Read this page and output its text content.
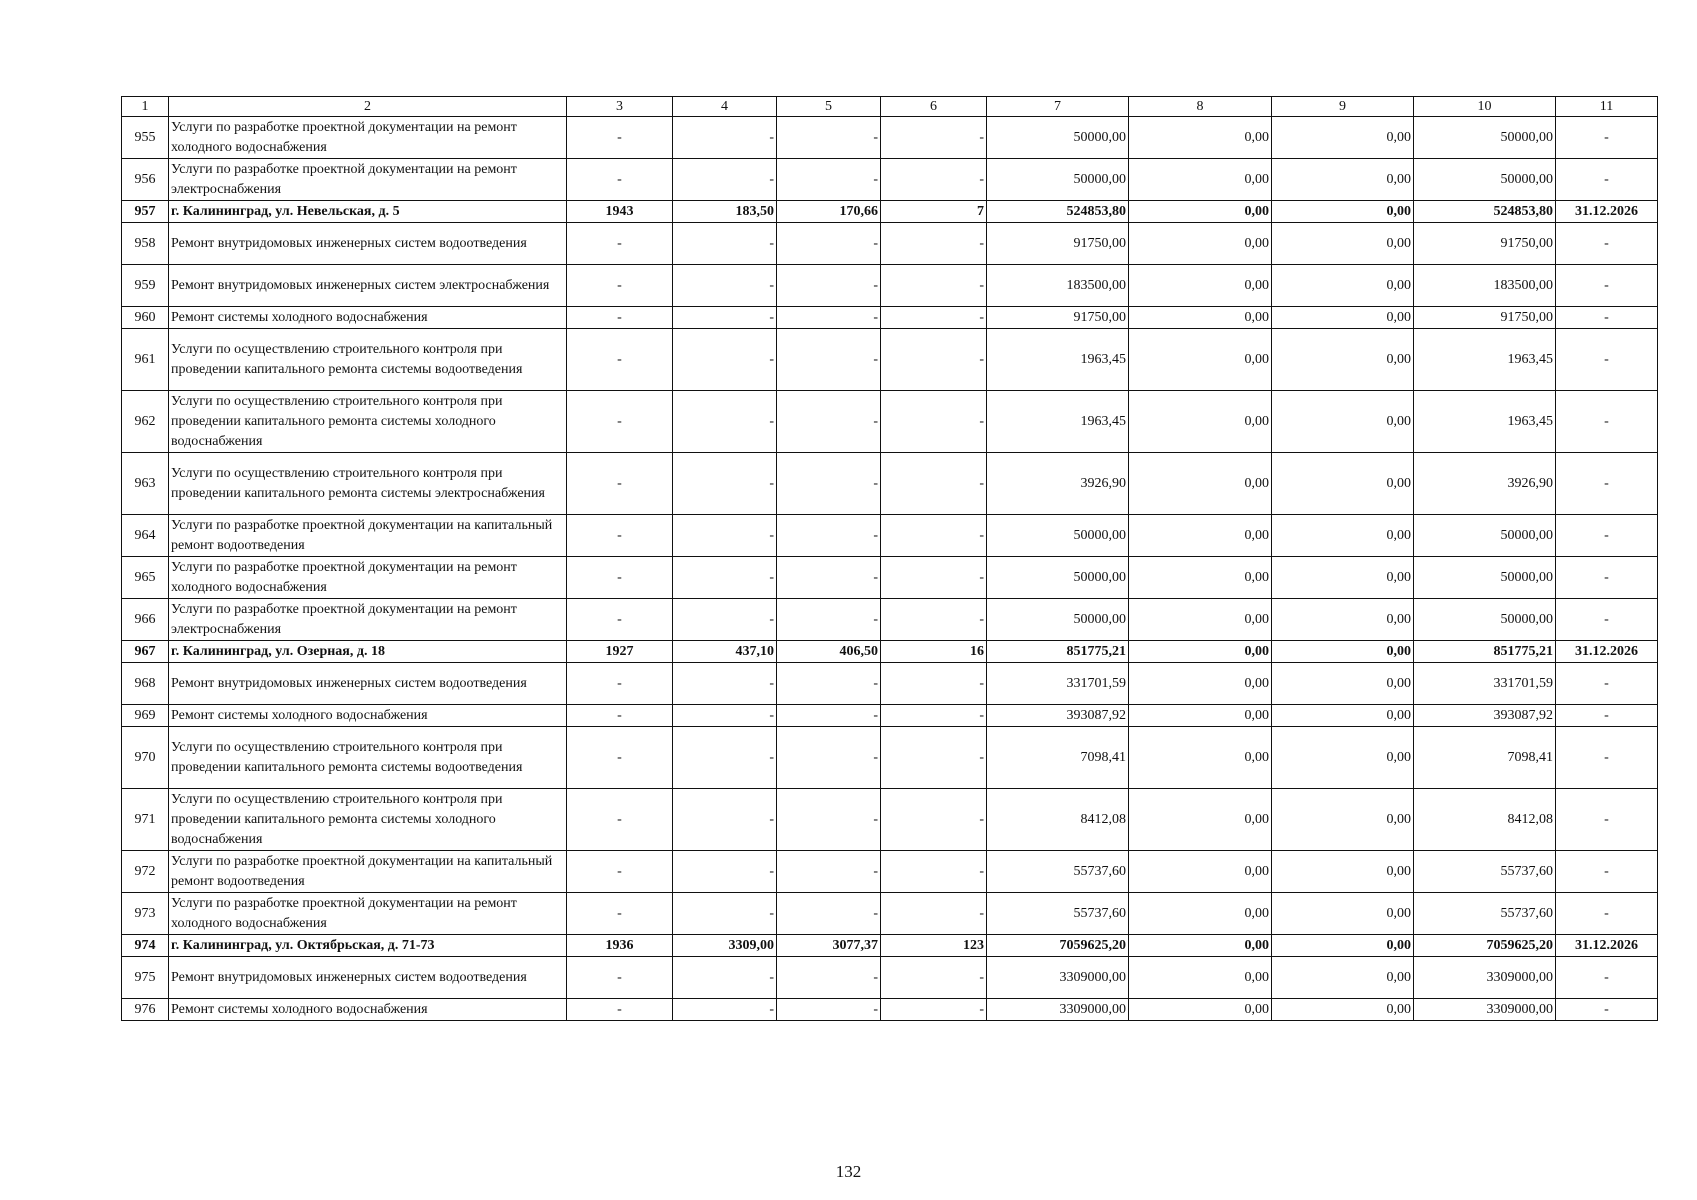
1	2	3	4	5	6	7	8	9	10	11
955	Услуги по разработке проектной документации на ремонт холодного водоснабжения	-	-	-	-	50000,00	0,00	0,00	50000,00	-
956	Услуги по разработке проектной документации на ремонт электроснабжения	-	-	-	-	50000,00	0,00	0,00	50000,00	-
957	г. Калининград, ул. Невельская, д. 5	1943	183,50	170,66	7	524853,80	0,00	0,00	524853,80	31.12.2026
958	Ремонт внутридомовых инженерных систем водоотведения	-	-	-	-	91750,00	0,00	0,00	91750,00	-
959	Ремонт внутридомовых инженерных систем электроснабжения	-	-	-	-	183500,00	0,00	0,00	183500,00	-
960	Ремонт системы холодного водоснабжения	-	-	-	-	91750,00	0,00	0,00	91750,00	-
961	Услуги по осуществлению строительного контроля при проведении капитального ремонта системы водоотведения	-	-	-	-	1963,45	0,00	0,00	1963,45	-
962	Услуги по осуществлению строительного контроля при проведении капитального ремонта системы холодного водоснабжения	-	-	-	-	1963,45	0,00	0,00	1963,45	-
963	Услуги по осуществлению строительного контроля при проведении капитального ремонта системы электроснабжения	-	-	-	-	3926,90	0,00	0,00	3926,90	-
964	Услуги по разработке проектной документации на капитальный ремонт водоотведения	-	-	-	-	50000,00	0,00	0,00	50000,00	-
965	Услуги по разработке проектной документации на ремонт холодного водоснабжения	-	-	-	-	50000,00	0,00	0,00	50000,00	-
966	Услуги по разработке проектной документации на ремонт электроснабжения	-	-	-	-	50000,00	0,00	0,00	50000,00	-
967	г. Калининград, ул. Озерная, д. 18	1927	437,10	406,50	16	851775,21	0,00	0,00	851775,21	31.12.2026
968	Ремонт внутридомовых инженерных систем водоотведения	-	-	-	-	331701,59	0,00	0,00	331701,59	-
969	Ремонт системы холодного водоснабжения	-	-	-	-	393087,92	0,00	0,00	393087,92	-
970	Услуги по осуществлению строительного контроля при проведении капитального ремонта системы водоотведения	-	-	-	-	7098,41	0,00	0,00	7098,41	-
971	Услуги по осуществлению строительного контроля при проведении капитального ремонта системы холодного водоснабжения	-	-	-	-	8412,08	0,00	0,00	8412,08	-
972	Услуги по разработке проектной документации на капитальный ремонт водоотведения	-	-	-	-	55737,60	0,00	0,00	55737,60	-
973	Услуги по разработке проектной документации на ремонт холодного водоснабжения	-	-	-	-	55737,60	0,00	0,00	55737,60	-
974	г. Калининград, ул. Октябрьская, д. 71-73	1936	3309,00	3077,37	123	7059625,20	0,00	0,00	7059625,20	31.12.2026
975	Ремонт внутридомовых инженерных систем водоотведения	-	-	-	-	3309000,00	0,00	0,00	3309000,00	-
976	Ремонт системы холодного водоснабжения	-	-	-	-	3309000,00	0,00	0,00	3309000,00	-
132
